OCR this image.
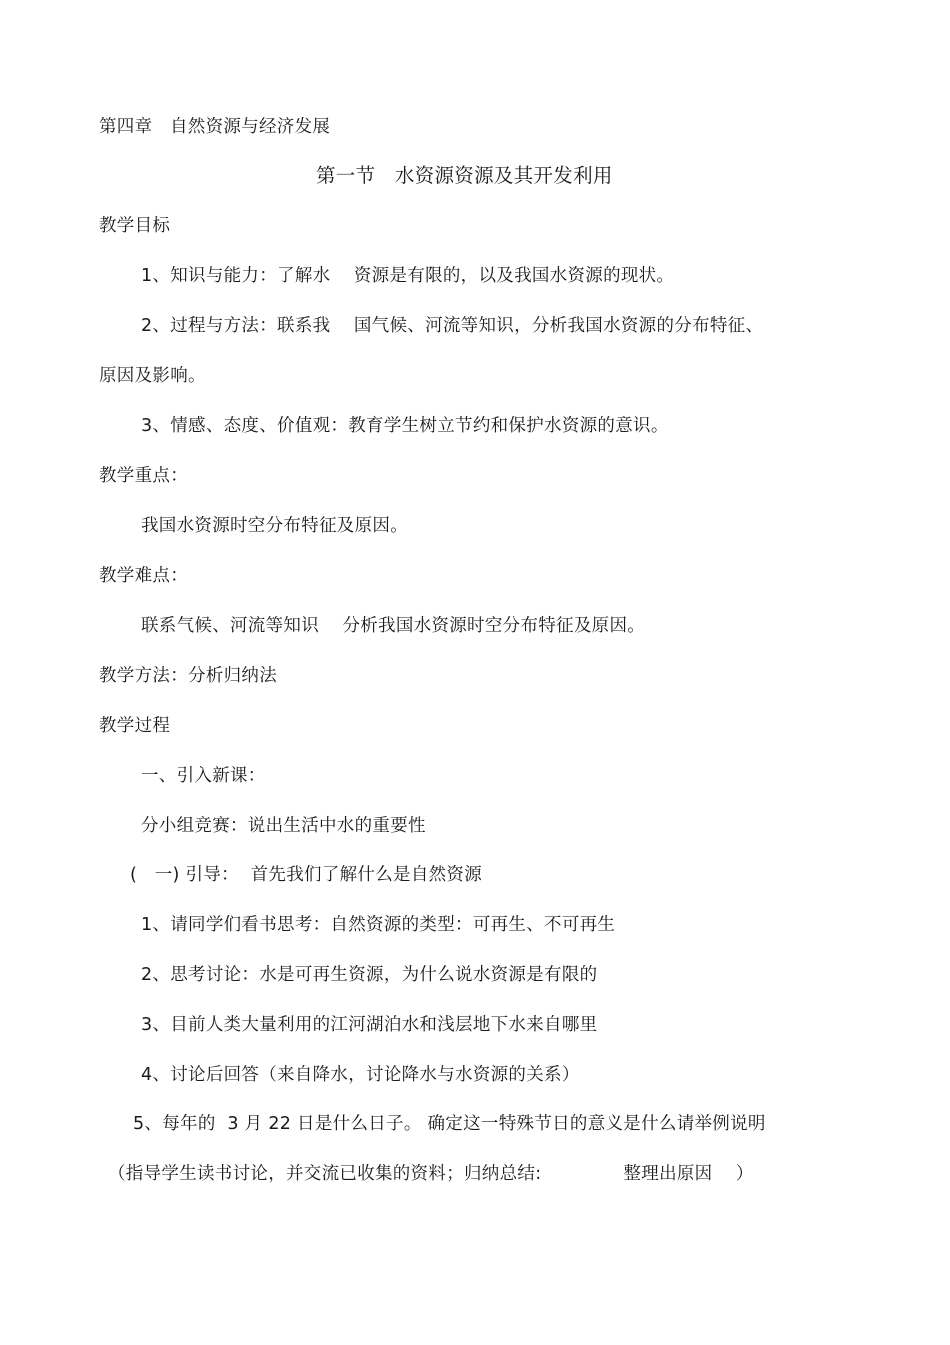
第四章   自然资源与经济发展
第一节   水资源资源及其开发利用
教学目标
1、知识与能力：了解水    资源是有限的，以及我国水资源的现状。
2、过程与方法：联系我    国气候、河流等知识，分析我国水资源的分布特征、
原因及影响。
3、情感、态度、价值观：教育学生树立节约和保护水资源的意识。
教学重点：
我国水资源时空分布特征及原因。
教学难点：
联系气候、河流等知识    分析我国水资源时空分布特征及原因。
教学方法：分析归纳法
教学过程
一、引入新课：
分小组竞赛：说出生活中水的重要性
(   一) 引导：  首先我们了解什么是自然资源
1、请同学们看书思考：自然资源的类型：可再生、不可再生
2、思考讨论：水是可再生资源，为什么说水资源是有限的
3、目前人类大量利用的江河湖泊水和浅层地下水来自哪里
4、讨论后回答（来自降水，讨论降水与水资源的关系）
5、每年的  3 月 22 日是什么日子。 确定这一特殊节日的意义是什么请举例说明
（指导学生读书讨论，并交流已收集的资料；归纳总结:              整理出原因    ）
